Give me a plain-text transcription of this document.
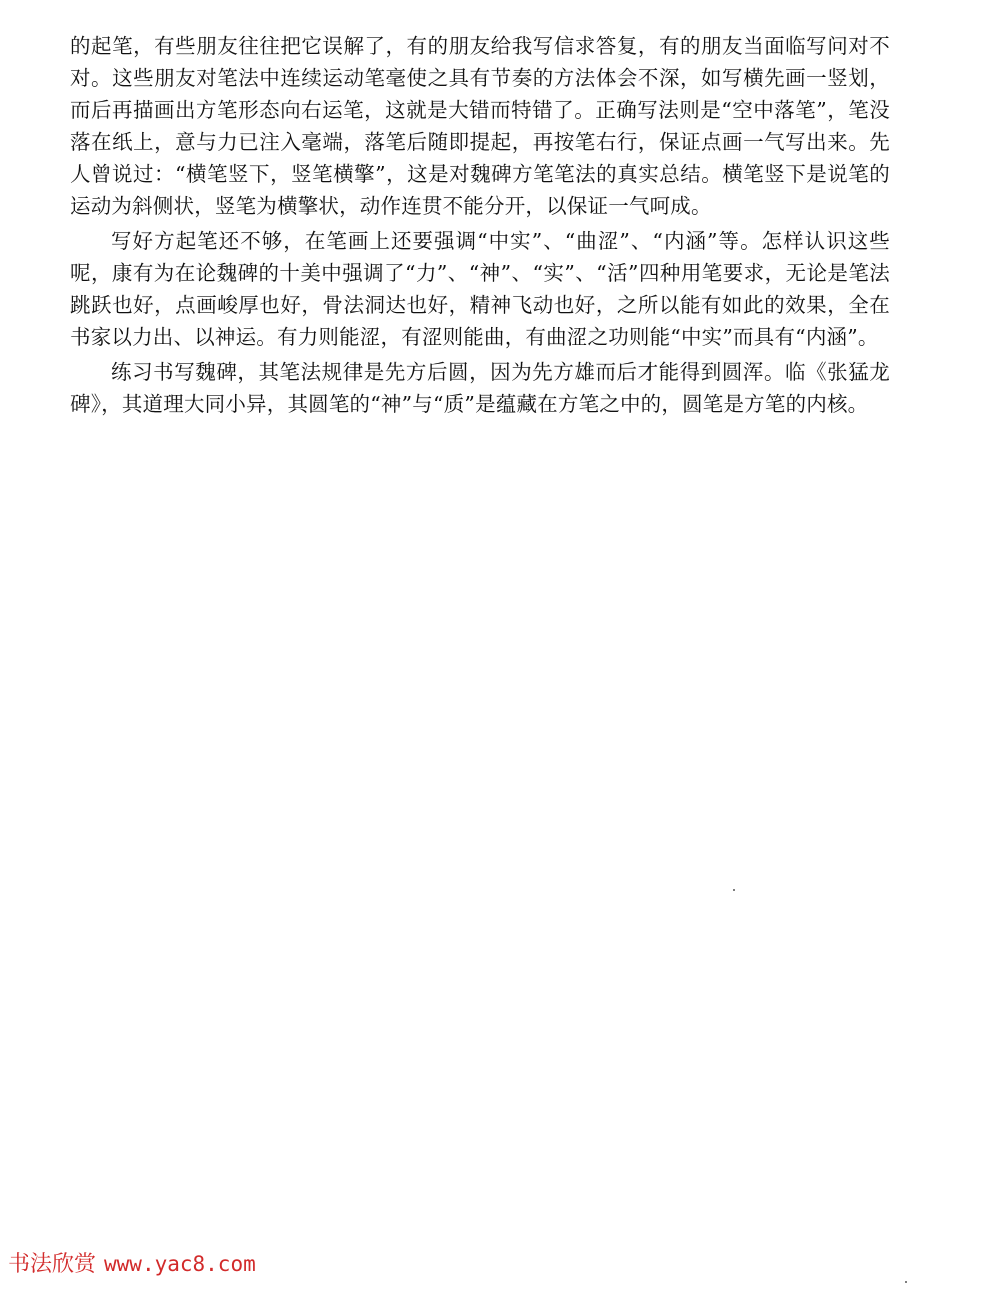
的起笔，有些朋友往往把它误解了，有的朋友给我写信求答复，有的朋友当面临写问对不对。这些朋友对笔法中连续运动笔毫使之具有节奏的方法体会不深，如写横先画一竖划，而后再描画出方笔形态向右运笔，这就是大错而特错了。正确写法则是“空中落笔”，笔没落在纸上，意与力已注入毫端，落笔后随即提起，再按笔右行，保证点画一气写出来。先人曾说过：“横笔竖下，竖笔横擎”，这是对魏碑方笔笔法的真实总结。横笔竖下是说笔的运动为斜侧状，竖笔为横擎状，动作连贯不能分开，以保证一气呵成。

写好方起笔还不够，在笔画上还要强调“中实”、“曲涩”、“内涵”等。怎样认识这些呢，康有为在论魏碑的十美中强调了“力”、“神”、“实”、“活”四种用笔要求，无论是笔法跳跃也好，点画峻厚也好，骨法洞达也好，精神飞动也好，之所以能有如此的效果，全在书家以力出、以神运。有力则能涩，有涩则能曲，有曲涩之功则能“中实”而具有“内涵”。

练习书写魏碑，其笔法规律是先方后圆，因为先方雄而后才能得到圆浑。临《张猛龙碑》，其道理大同小异，其圆笔的“神”与“质”是蕴藏在方笔之中的，圆笔是方笔的内核。

书法欣赏 www.yac8.com
